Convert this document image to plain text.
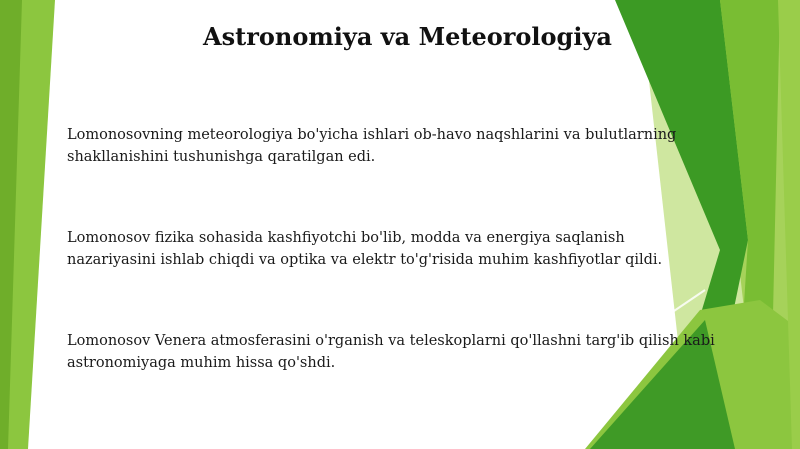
Astronomiya va Meteorologiya
Lomonosovning meteorologiya bo'yicha ishlari ob-havo naqshlarini va bulutlarning shakllanishini tushunishga qaratilgan edi.
Lomonosov fizika sohasida kashfiyotchi bo'lib, modda va energiya saqlanish nazariyasini ishlab chiqdi va optika va elektr to'g'risida muhim kashfiyotlar qildi.
Lomonosov Venera atmosferasini o'rganish va teleskoplarni qo'llashni targ'ib qilish kabi astronomiyaga muhim hissa qo'shdi.
